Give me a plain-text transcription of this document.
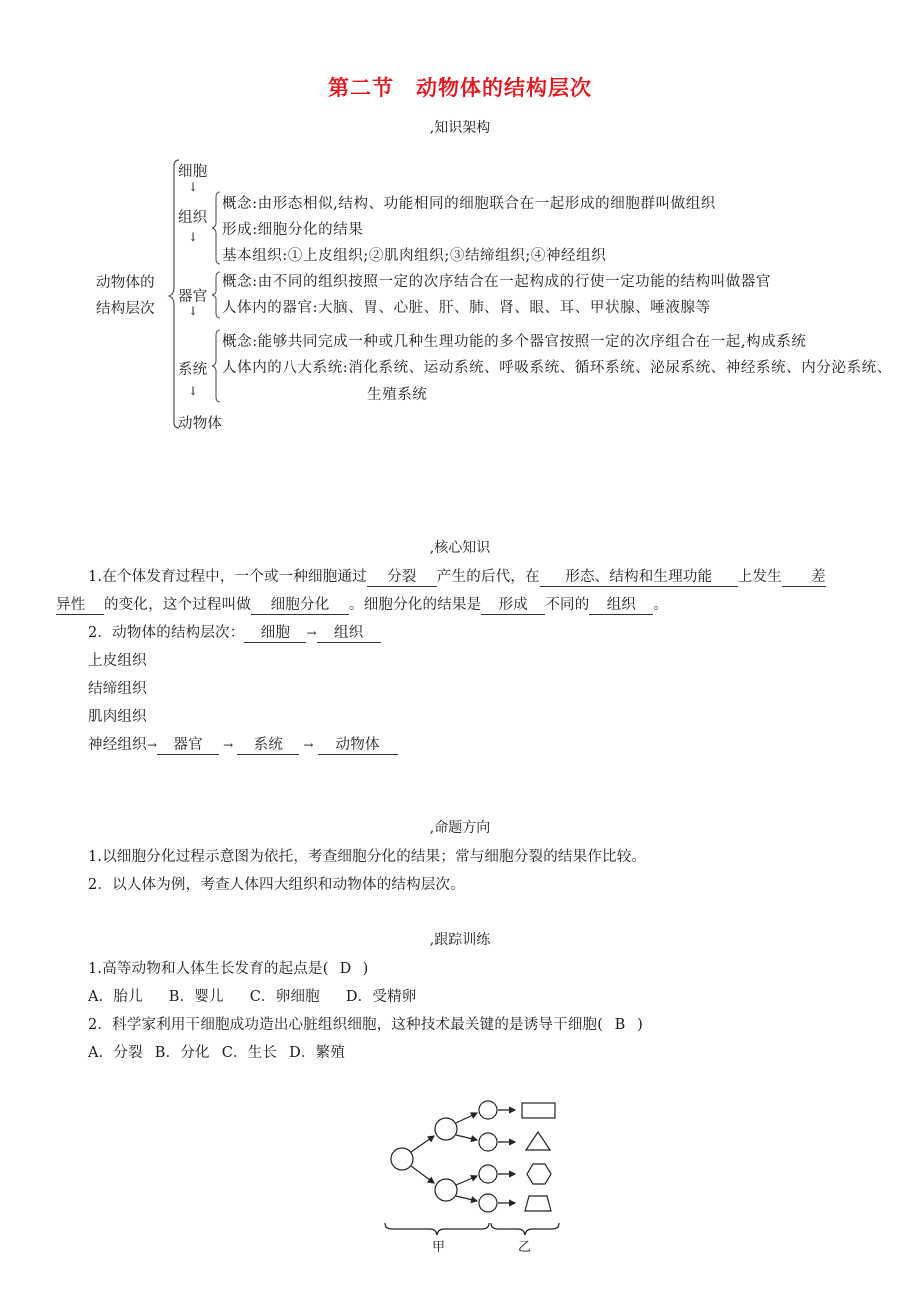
第二节 动物体的结构层次
,知识架构
动物体的
结构层次
细胞
↓
组织
↓
器官
↓
系统
↓
动物体
概念:由形态相似,结构、功能相同的细胞联合在一起形成的细胞群叫做组织
形成:细胞分化的结果
基本组织:①上皮组织;②肌肉组织;③结缔组织;④神经组织
概念:由不同的组织按照一定的次序结合在一起构成的行使一定功能的结构叫做器官
人体内的器官:大脑、胃、心脏、肝、肺、肾、眼、耳、甲状腺、唾液腺等
概念:能够共同完成一种或几种生理功能的多个器官按照一定的次序组合在一起,构成系统
人体内的八大系统:消化系统、运动系统、呼吸系统、循环系统、泌尿系统、神经系统、内分泌系统、
生殖系统
,核心知识
1.在个体发育过程中，一个或一种细胞通过 分裂 产生的后代，在 形态、结构和生理功能 上发生 差
异性 的变化，这个过程叫做 细胞分化 。细胞分化的结果是 形成 不同的 组织 。
2．动物体的结构层次： 细胞 → 组织
上皮组织
结缔组织
肌肉组织
神经组织→ 器官 → 系统 → 动物体
,命题方向
1.以细胞分化过程示意图为依托，考查细胞分化的结果；常与细胞分裂的结果作比较。
2．以人体为例，考查人体四大组织和动物体的结构层次。
,跟踪训练
1.高等动物和人体生长发育的起点是( D )
A．胎儿 B．婴儿 C．卵细胞 D．受精卵
2．科学家利用干细胞成功造出心脏组织细胞，这种技术最关键的是诱导干细胞( B )
A．分裂 B．分化 C．生长 D．繁殖
甲	乙
